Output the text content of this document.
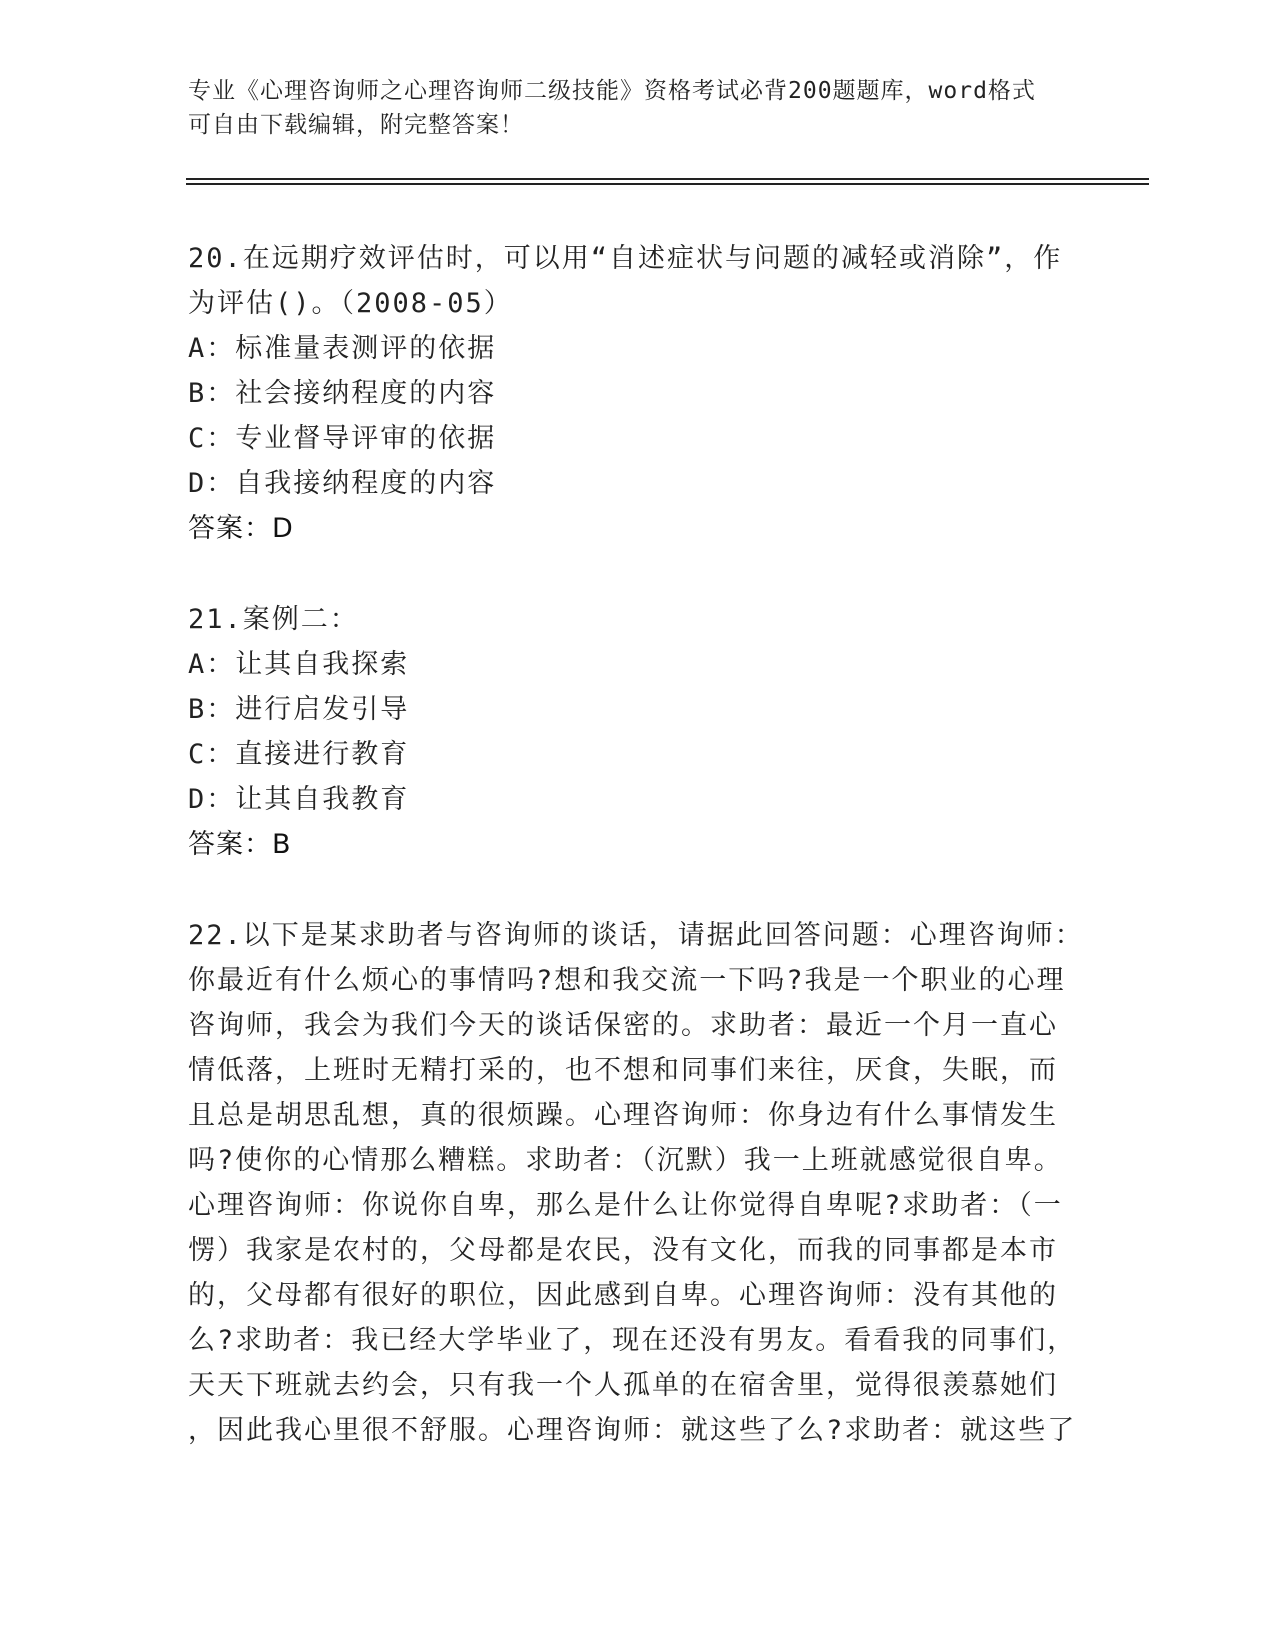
专业《心理咨询师之心理咨询师二级技能》资格考试必背200题题库，word格式
可自由下载编辑，附完整答案！
20.在远期疗效评估时，可以用“自述症状与问题的减轻或消除”，作
为评估()。（2008-05）
A：标准量表测评的依据
B：社会接纳程度的内容
C：专业督导评审的依据
D：自我接纳程度的内容
答案：D
21.案例二：
A：让其自我探索
B：进行启发引导
C：直接进行教育
D：让其自我教育
答案：B
22.以下是某求助者与咨询师的谈话，请据此回答问题：心理咨询师：
你最近有什么烦心的事情吗?想和我交流一下吗?我是一个职业的心理
咨询师，我会为我们今天的谈话保密的。求助者：最近一个月一直心
情低落，上班时无精打采的，也不想和同事们来往，厌食，失眠，而
且总是胡思乱想，真的很烦躁。心理咨询师：你身边有什么事情发生
吗?使你的心情那么糟糕。求助者：（沉默）我一上班就感觉很自卑。
心理咨询师：你说你自卑，那么是什么让你觉得自卑呢?求助者：（一
愣）我家是农村的，父母都是农民，没有文化，而我的同事都是本市
的，父母都有很好的职位，因此感到自卑。心理咨询师：没有其他的
么?求助者：我已经大学毕业了，现在还没有男友。看看我的同事们，
天天下班就去约会，只有我一个人孤单的在宿舍里，觉得很羡慕她们
，因此我心里很不舒服。心理咨询师：就这些了么?求助者：就这些了
